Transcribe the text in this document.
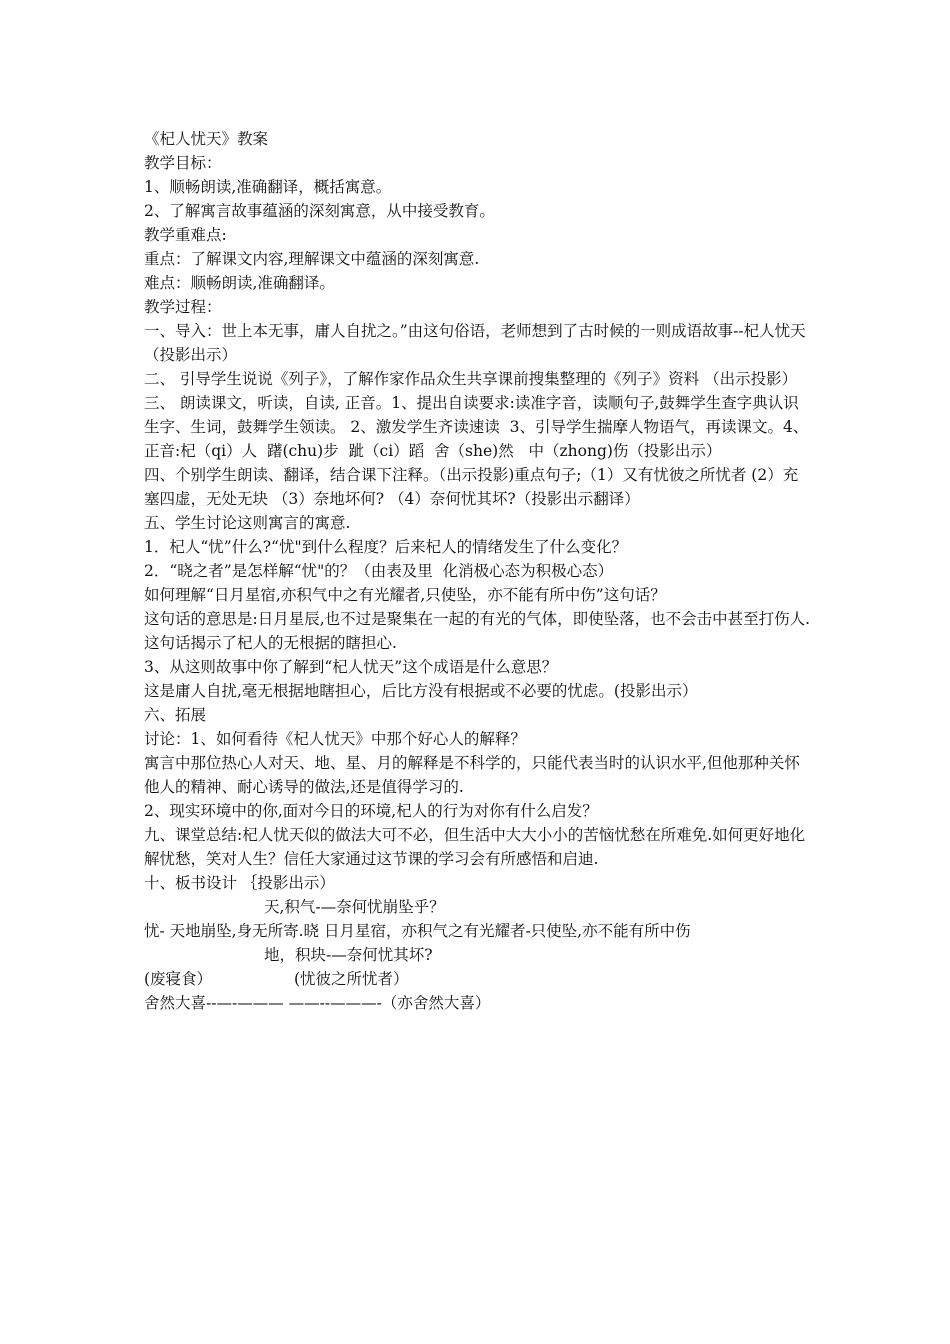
《杞人忧天》教案

教学目标：

1、顺畅朗读,准确翻译，概括寓意。

2、了解寓言故事蕴涵的深刻寓意，从中接受教育。

教学重难点:

重点：了解课文内容,理解课文中蕴涵的深刻寓意.

难点：顺畅朗读,准确翻译。

教学过程：

一、导入：世上本无事，庸人自扰之。”由这句俗语，老师想到了古时候的一则成语故事--杞人忧天（投影出示）

二、 引导学生说说《列子》，了解作家作品众生共享课前搜集整理的《列子》资料 （出示投影）

三、 朗读课文，听读，自读, 正音。1、提出自读要求:读准字音，读顺句子,鼓舞学生查字典认识生字、生词，鼓舞学生领读。 2、激发学生齐读速读  3、引导学生揣摩人物语气，再读课文。4、正音:杞（qi）人  躇(chu)步  跐（ci）蹈  舍（she)然   中（zhong)伤（投影出示）

四、个别学生朗读、翻译，结合课下注释。（出示投影)重点句子;（1）又有忧彼之所忧者 (2）充塞四虚，无处无块 （3）奈地坏何? （4）奈何忧其坏?（投影出示翻译）

五、学生讨论这则寓言的寓意.

1．杞人“忧”什么?“忧"到什么程度？后来杞人的情绪发生了什么变化？

2．“晓之者”是怎样解“忧"的？（由表及里  化消极心态为积极心态）

如何理解“日月星宿,亦积气中之有光耀者,只使坠，亦不能有所中伤”这句话？

这句话的意思是:日月星辰,也不过是聚集在一起的有光的气体，即使坠落，也不会击中甚至打伤人.这句话揭示了杞人的无根据的瞎担心.

3、从这则故事中你了解到“杞人忧天”这个成语是什么意思？

这是庸人自扰,毫无根据地瞎担心，后比方没有根据或不必要的忧虑。(投影出示）

六、拓展

讨论：1、如何看待《杞人忧天》中那个好心人的解释？

寓言中那位热心人对天、地、星、月的解释是不科学的，只能代表当时的认识水平,但他那种关怀他人的精神、耐心诱导的做法,还是值得学习的.

2、现实环境中的你,面对今日的环境,杞人的行为对你有什么启发？

九、课堂总结:杞人忧天似的做法大可不必，但生活中大大小小的苦恼忧愁在所难免.如何更好地化解忧愁，笑对人生？信任大家通过这节课的学习会有所感悟和启迪.

十、板书设计 ｛投影出示）

天,积气-—奈何忧崩坠乎？

忧- 天地崩坠,身无所寄.晓 日月星宿，亦积气之有光耀者-只使坠,亦不能有所中伤

地，积块-—奈何忧其坏?

(废寝食）	(忧彼之所忧者）

舍然大喜--—-——— ——--———-（亦舍然大喜）
